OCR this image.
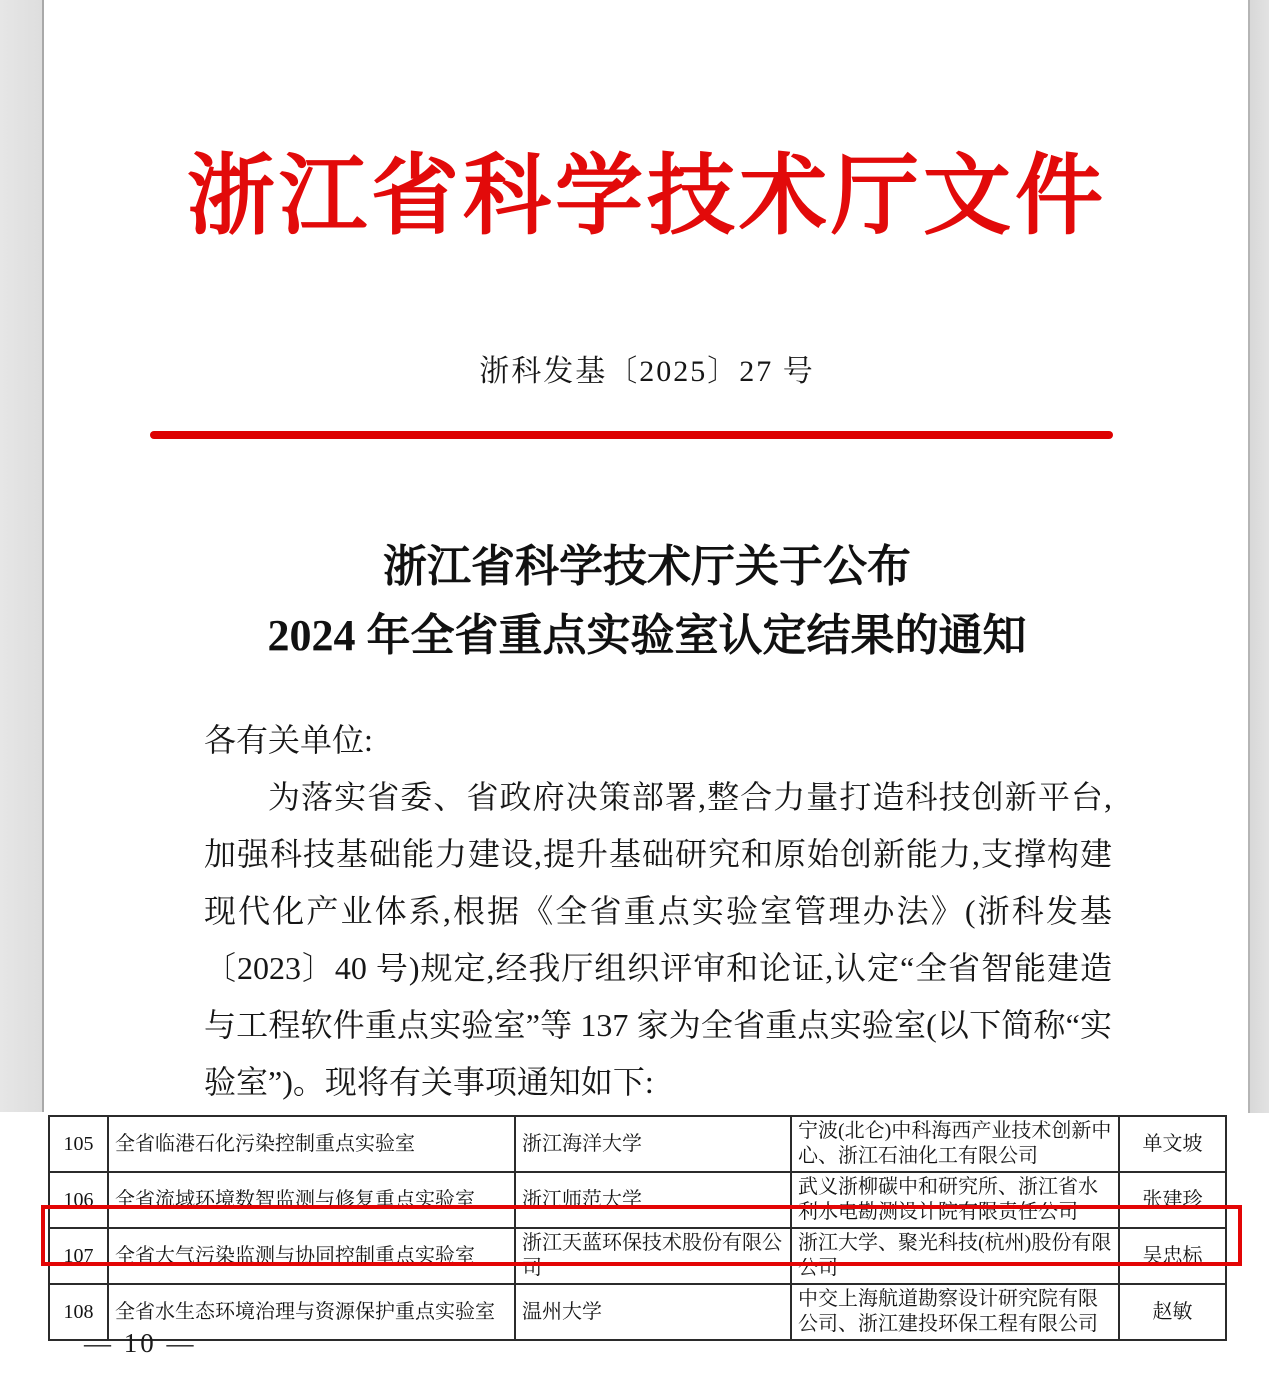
浙江省科学技术厅文件
浙科发基〔2025〕27 号
浙江省科学技术厅关于公布
2024 年全省重点实验室认定结果的通知
各有关单位:
为落实省委、省政府决策部署,整合力量打造科技创新平台,加强科技基础能力建设,提升基础研究和原始创新能力,支撑构建现代化产业体系,根据《全省重点实验室管理办法》(浙科发基〔2023〕40 号)规定,经我厅组织评审和论证,认定“全省智能建造与工程软件重点实验室”等 137 家为全省重点实验室(以下简称“实验室”)。现将有关事项通知如下:
105	全省临港石化污染控制重点实验室	浙江海洋大学	宁波(北仑)中科海西产业技术创新中心、浙江石油化工有限公司	单文坡
106	全省流域环境数智监测与修复重点实验室	浙江师范大学	武义浙柳碳中和研究所、浙江省水利水电勘测设计院有限责任公司	张建珍
107	全省大气污染监测与协同控制重点实验室	浙江天蓝环保技术股份有限公司	浙江大学、聚光科技(杭州)股份有限公司	吴忠标
108	全省水生态环境治理与资源保护重点实验室	温州大学	中交上海航道勘察设计研究院有限公司、浙江建投环保工程有限公司	赵敏
— 10 —
